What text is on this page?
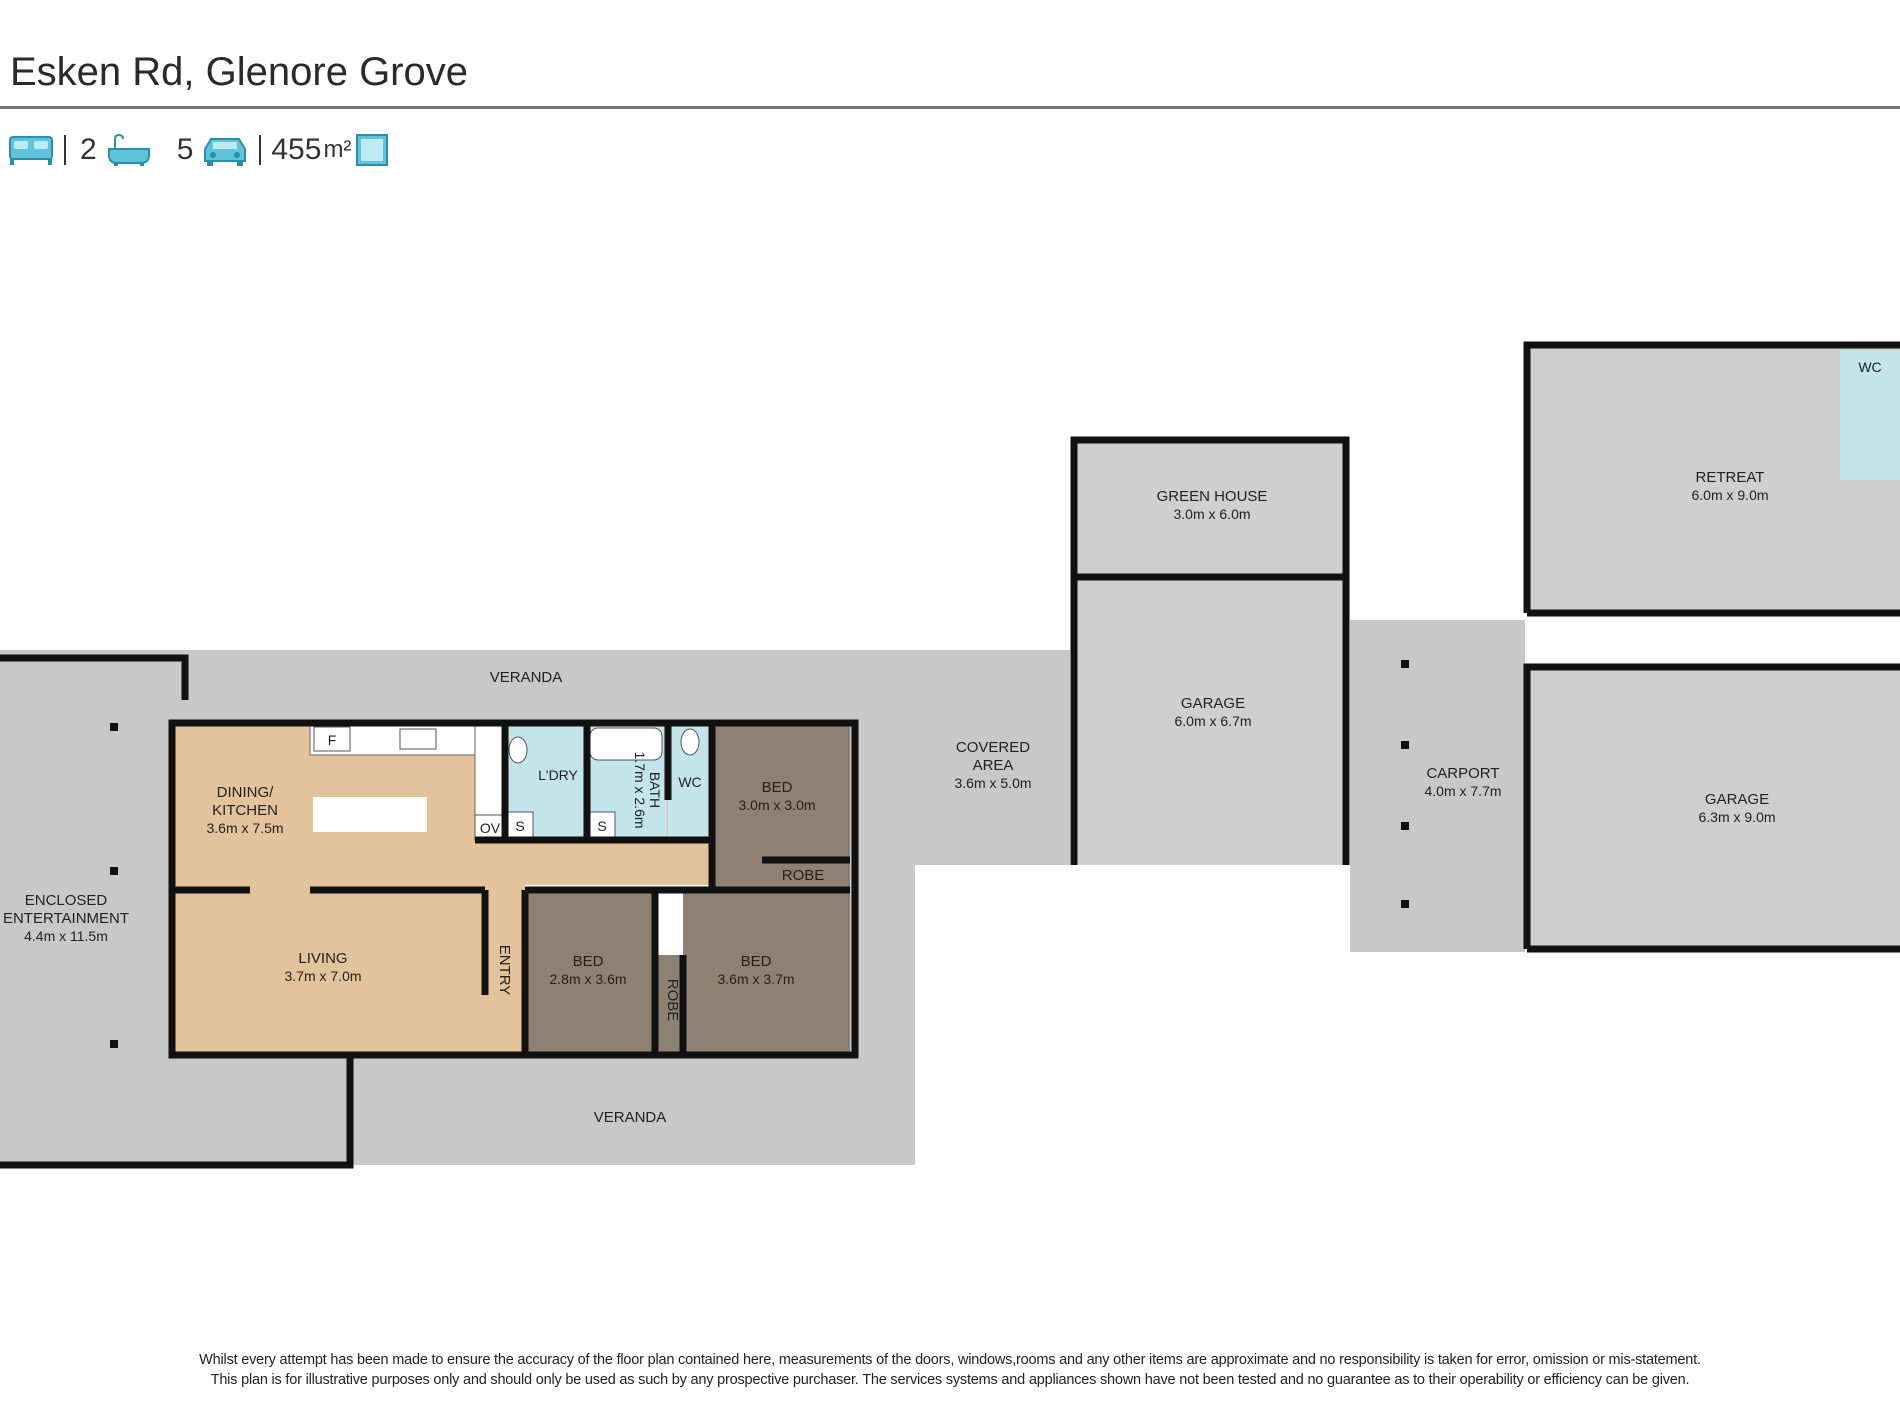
Esken Rd, Glenore Grove
2	5	455 m²
F
OV S	S
ENCLOSED
ENTERTAINMENT
4.4m x 11.5m
VERANDA
VERANDA
DINING/
KITCHEN
3.6m x 7.5m
LIVING
3.7m x 7.0m	ENTRY
L'DRY	BATH
1.7m x 2.6m WC	BED
3.0m x 3.0m
ROBE
BED
2.8m x 3.6m
BED
3.6m x 3.7m
ROBE
COVERED
AREA
3.6m x 5.0m
GREEN HOUSE
3.0m x 6.0m
GARAGE
6.0m x 6.7m
CARPORT
4.0m x 7.7m
RETREAT
6.0m x 9.0m
WC
GARAGE
6.3m x 9.0m
Whilst every attempt has been made to ensure the accuracy of the floor plan contained here, measurements of the doors, windows,rooms and any other items are approximate and no responsibility is taken for error, omission or mis-statement.
This plan is for illustrative purposes only and should only be used as such by any prospective purchaser. The services systems and appliances shown have not been tested and no guarantee as to their operability or efficiency can be given.
